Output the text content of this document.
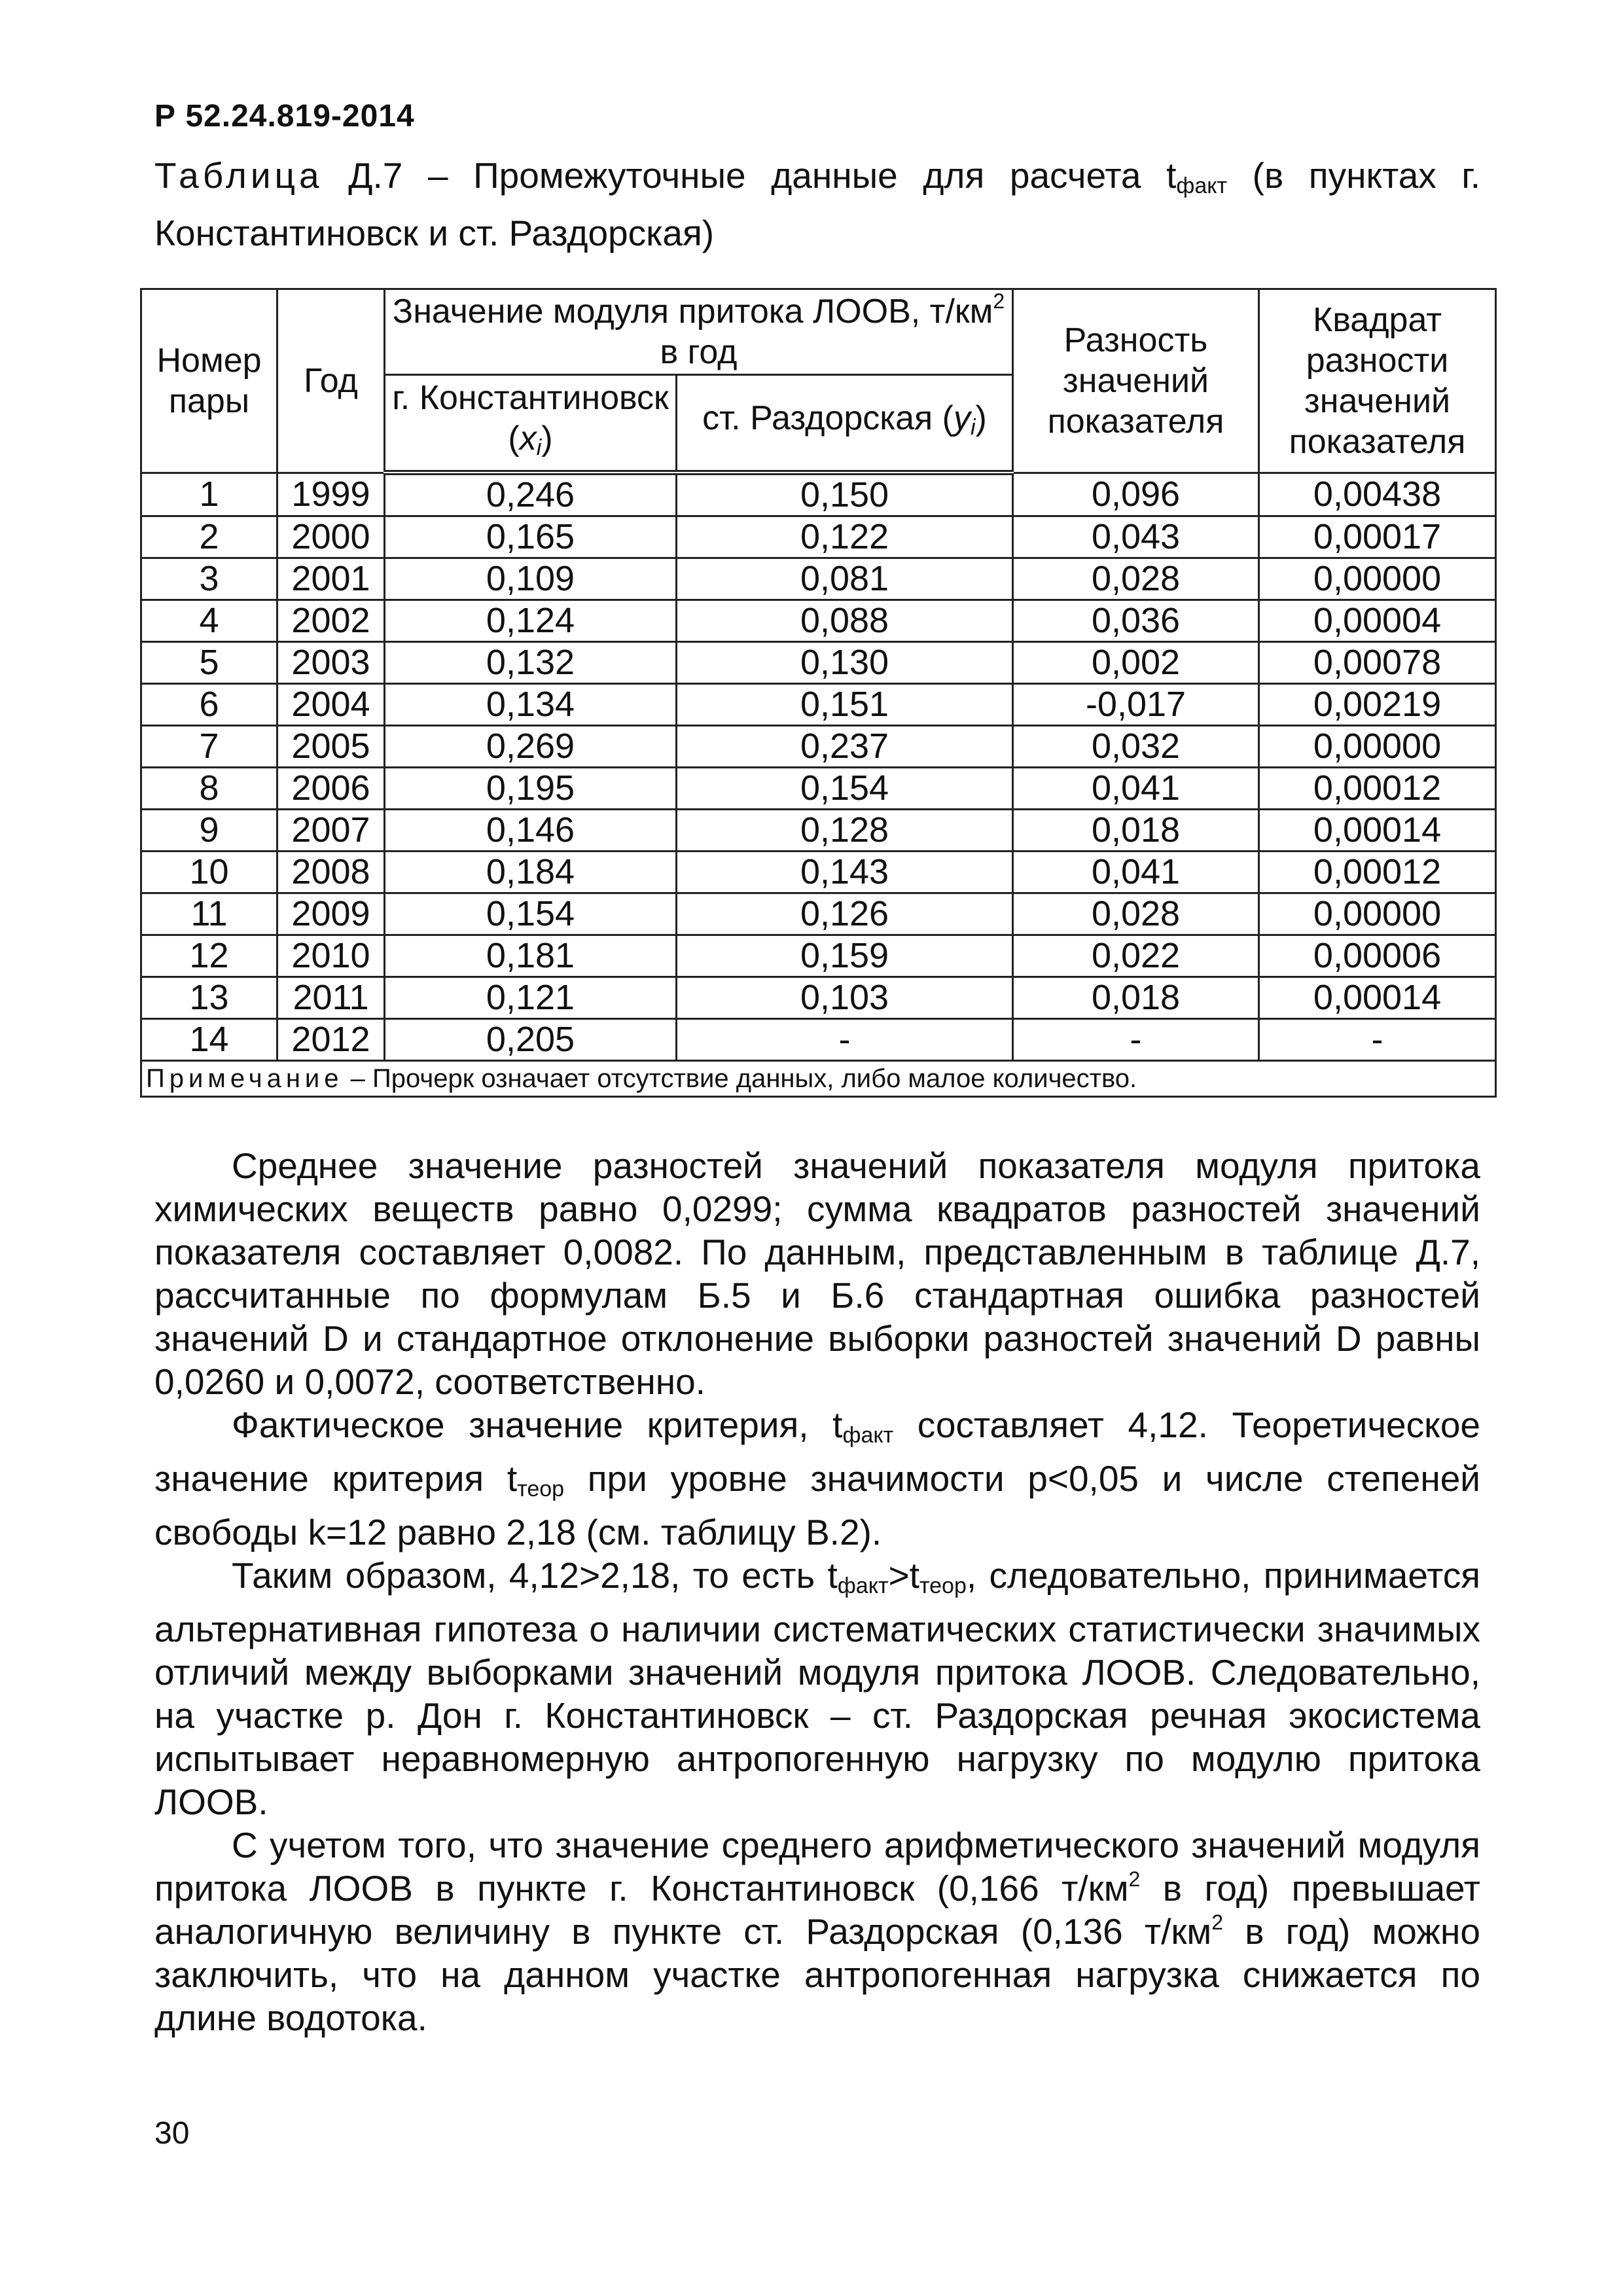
Р 52.24.819-2014
Таблица Д.7 – Промежуточные данные для расчета $t_{факт}$ (в пунктах г. Константиновск и ст. Раздорская)
Номер пары	Год	Значение модуля притока ЛООВ, $т/км^2$ в год		Разность значений показателя	Квадрат разности значений показателя
		г. Константиновск $(x_i)$	ст. Раздорская $(y_i)$		
1	1999	0,246	0,150	0,096	0,00438
2	2000	0,165	0,122	0,043	0,00017
3	2001	0,109	0,081	0,028	0,00000
4	2002	0,124	0,088	0,036	0,00004
5	2003	0,132	0,130	0,002	0,00078
6	2004	0,134	0,151	-0,017	0,00219
7	2005	0,269	0,237	0,032	0,00000
8	2006	0,195	0,154	0,041	0,00012
9	2007	0,146	0,128	0,018	0,00014
10	2008	0,184	0,143	0,041	0,00012
11	2009	0,154	0,126	0,028	0,00000
12	2010	0,181	0,159	0,022	0,00006
13	2011	0,121	0,103	0,018	0,00014
14	2012	0,205	-	-	-
Примечание – Прочерк означает отсутствие данных, либо малое количество.					

Среднее значение разностей значений показателя модуля притока химических веществ равно 0,0299; сумма квадратов разностей значений показателя составляет 0,0082. По данным, представленным в таблице Д.7, рассчитанные по формулам Б.5 и Б.6 стандартная ошибка разностей значений D и стандартное отклонение выборки разностей значений D равны 0,0260 и 0,0072, соответственно.

Фактическое значение критерия, $t_{факт}$ составляет 4,12. Теоретическое значение критерия $t_{теор}$ при уровне значимости p<0,05 и числе степеней свободы k=12 равно 2,18 (см. таблицу В.2).

Таким образом, 4,12>2,18, то есть $t_{факт}>t_{теор}$, следовательно, принимается альтернативная гипотеза о наличии систематических статистически значимых отличий между выборками значений модуля притока ЛООВ. Следовательно, на участке р. Дон г. Константиновск – ст. Раздорская речная экосистема испытывает неравномерную антропогенную нагрузку по модулю притока ЛООВ.

С учетом того, что значение среднего арифметического значений модуля притока ЛООВ в пункте г. Константиновск (0,166 $т/км^2$ в год) превышает аналогичную величину в пункте ст. Раздорская (0,136 $т/км^2$ в год) можно заключить, что на данном участке антропогенная нагрузка снижается по длине водотока.

30
